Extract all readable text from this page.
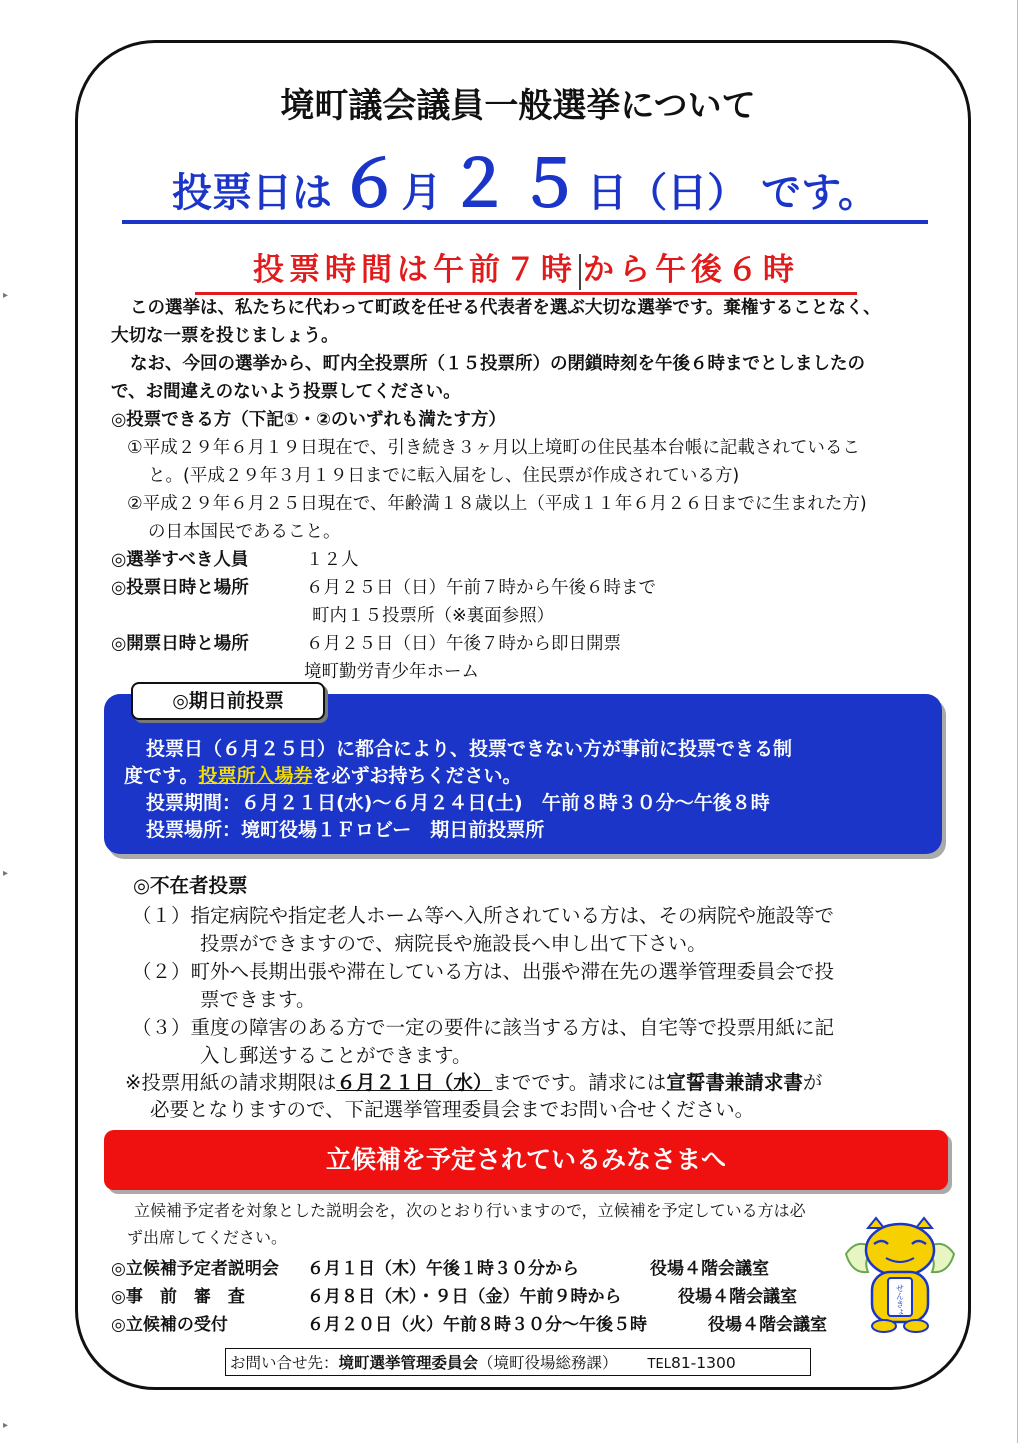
▸
▸
▸
境町議会議員一般選挙について
投票日は ６月 ２５日（日） です。
投票時間は午前７時 から午後６時
この選挙は、私たちに代わって町政を任せる代表者を選ぶ大切な選挙です。棄権することなく、
大切な一票を投じましょう。
なお、今回の選挙から、町内全投票所（１５投票所）の閉鎖時刻を午後６時までとしましたの
で、お間違えのないよう投票してください。
◎投票できる方（下記①・②のいずれも満たす方）
①平成２９年６月１９日現在で、引き続き３ヶ月以上境町の住民基本台帳に記載されているこ
と。(平成２９年３月１９日までに転入届をし、住民票が作成されている方)
②平成２９年６月２５日現在で、年齢満１８歳以上（平成１１年６月２６日までに生まれた方)
の日本国民であること。
◎選挙すべき人員	１２人
◎投票日時と場所	６月２５日（日）午前７時から午後６時まで
町内１５投票所（※裏面参照）
◎開票日時と場所	６月２５日（日）午後７時から即日開票
境町勤労青少年ホーム
◎期日前投票
投票日（６月２５日）に都合により、投票できない方が事前に投票できる制
度です。投票所入場券を必ずお持ちください。
投票期間：６月２１日(水)～６月２４日(土)　午前８時３０分～午後８時
投票場所：境町役場１Ｆロビー　期日前投票所
◎不在者投票
（１）指定病院や指定老人ホーム等へ入所されている方は、その病院や施設等で
投票ができますので、病院長や施設長へ申し出て下さい。
（２）町外へ長期出張や滞在している方は、出張や滞在先の選挙管理委員会で投
票できます。
（３）重度の障害のある方で一定の要件に該当する方は、自宅等で投票用紙に記
入し郵送することができます。
※投票用紙の請求期限は６月２１日（水）までです。請求には宣誓書兼請求書が
必要となりますので、下記選挙管理委員会までお問い合せください。
立候補を予定されているみなさまへ
立候補予定者を対象とした説明会を，次のとおり行いますので，立候補を予定している方は必
ず出席してください。
◎立候補予定者説明会 ６月１日（木）午後１時３０分から	役場４階会議室
◎事　前　審　査	６月８日（木）・９日（金）午前９時から	役場４階会議室
◎立候補の受付	６月２０日（火）午前８時３０分～午後５時	役場４階会議室
せんきょ
お問い合せ先：境町選挙管理委員会（境町役場総務課） TEL81-1300
